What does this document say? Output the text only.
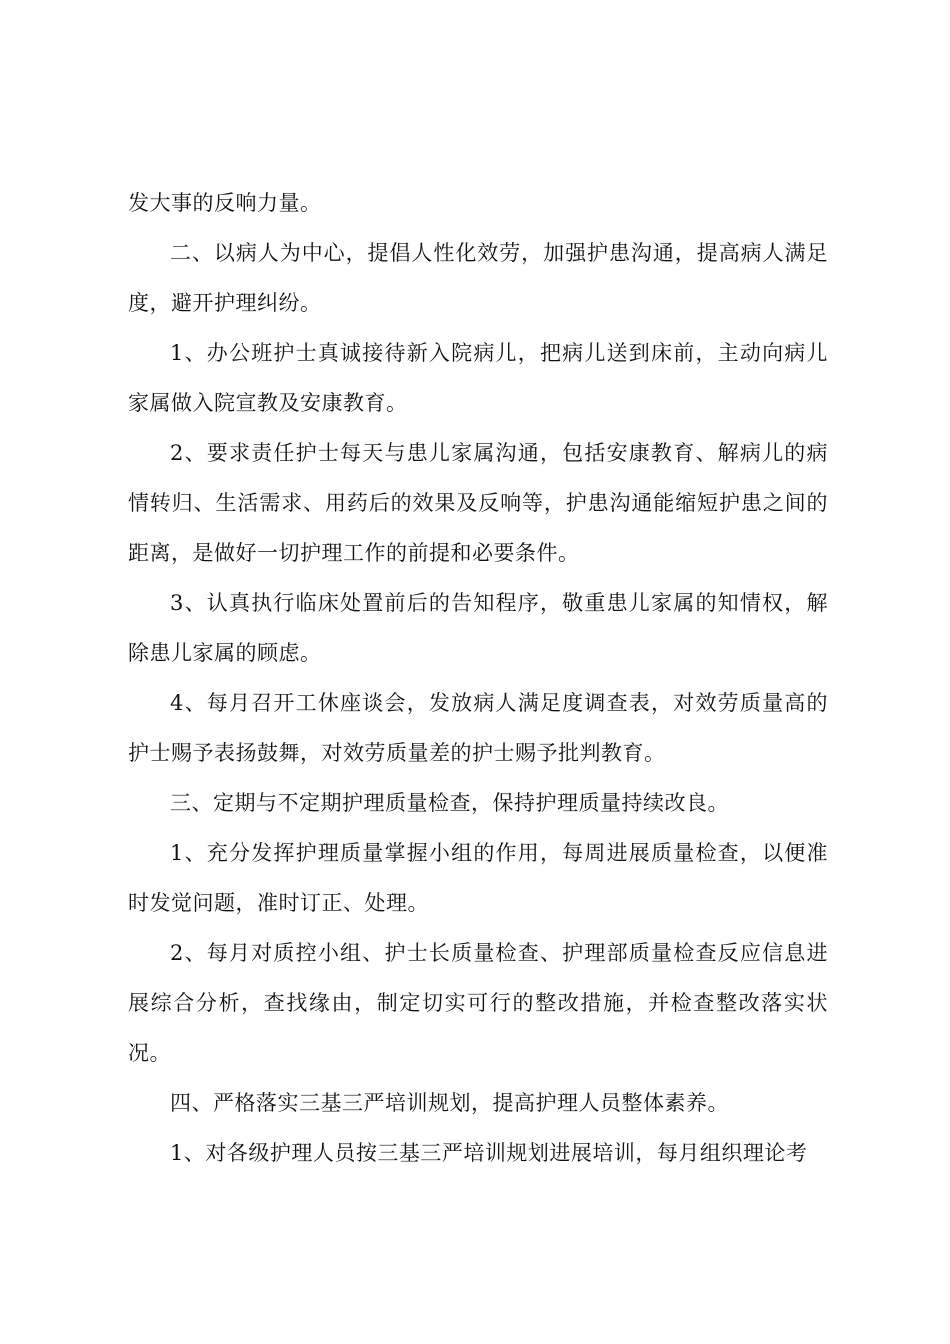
发大事的反响力量。

二、以病人为中心，提倡人性化效劳，加强护患沟通，提高病人满足度，避开护理纠纷。

1、办公班护士真诚接待新入院病儿，把病儿送到床前，主动向病儿家属做入院宣教及安康教育。

2、要求责任护士每天与患儿家属沟通，包括安康教育、解病儿的病情转归、生活需求、用药后的效果及反响等，护患沟通能缩短护患之间的距离，是做好一切护理工作的前提和必要条件。

3、认真执行临床处置前后的告知程序，敬重患儿家属的知情权，解除患儿家属的顾虑。

4、每月召开工休座谈会，发放病人满足度调查表，对效劳质量高的护士赐予表扬鼓舞，对效劳质量差的护士赐予批判教育。

三、定期与不定期护理质量检查，保持护理质量持续改良。

1、充分发挥护理质量掌握小组的作用，每周进展质量检查，以便准时发觉问题，准时订正、处理。

2、每月对质控小组、护士长质量检查、护理部质量检查反应信息进展综合分析，查找缘由，制定切实可行的整改措施，并检查整改落实状况。

四、严格落实三基三严培训规划，提高护理人员整体素养。

1、对各级护理人员按三基三严培训规划进展培训，每月组织理论考
